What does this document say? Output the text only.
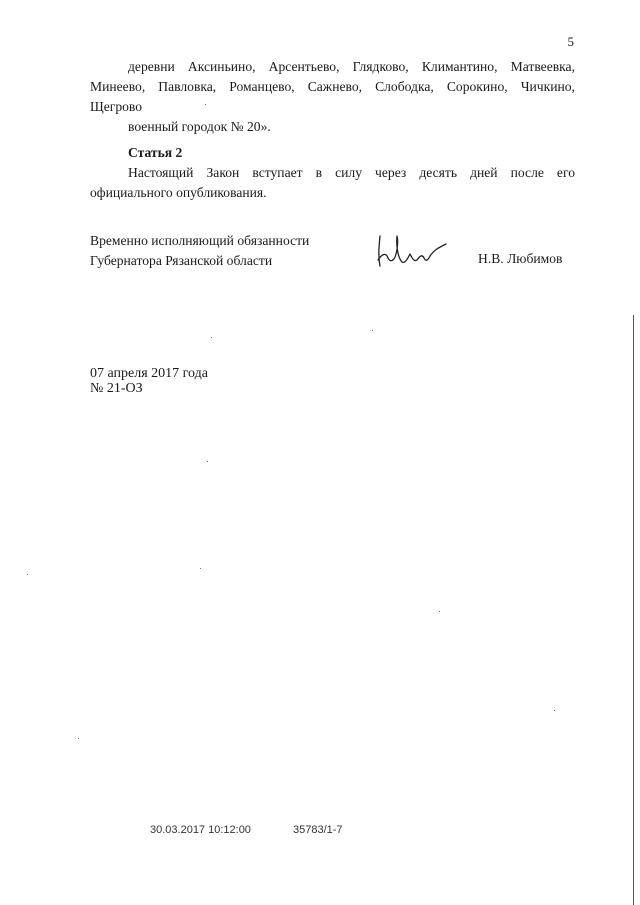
5
деревни Аксиньино, Арсентьево, Глядково, Климантино, Матвеевка,
Минеево, Павловка, Романцево, Сажнево, Слободка, Сорокино, Чичкино,
Щегрово
военный городок № 20».
Статья 2
Настоящий Закон вступает в силу через десять дней после его
официального опубликования.
Временно исполняющий обязанности
Губернатора Рязанской области	Н.В. Любимов
07 апреля 2017 года
№ 21-ОЗ
30.03.2017 10:12:00	35783/1-7
